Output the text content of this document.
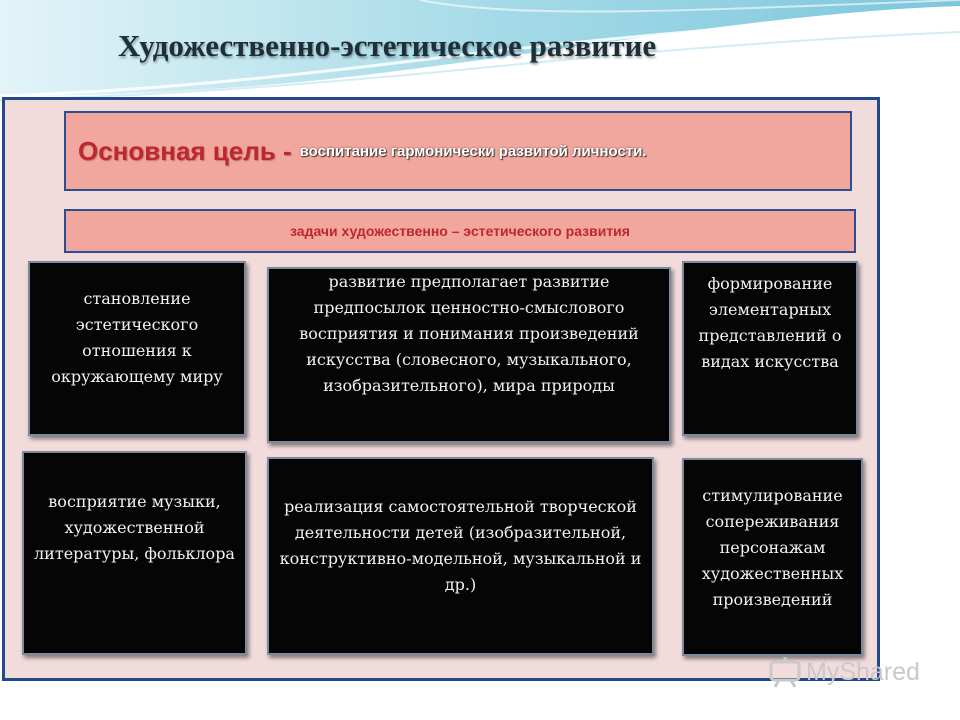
Художественно-эстетическое развитие
Основная цель - воспитание гармонически развитой личности.
задачи художественно – эстетического развития
становление эстетического отношения к окружающему миру
развитие предполагает развитие предпосылок ценностно-смыслового восприятия и понимания произведений искусства (словесного, музыкального, изобразительного), мира природы
формирование элементарных представлений о видах искусства
восприятие музыки, художественной литературы, фольклора
реализация самостоятельной творческой деятельности детей (изобразительной, конструктивно-модельной, музыкальной и др.)
стимулирование сопереживания персонажам художественных произведений
MyShared
